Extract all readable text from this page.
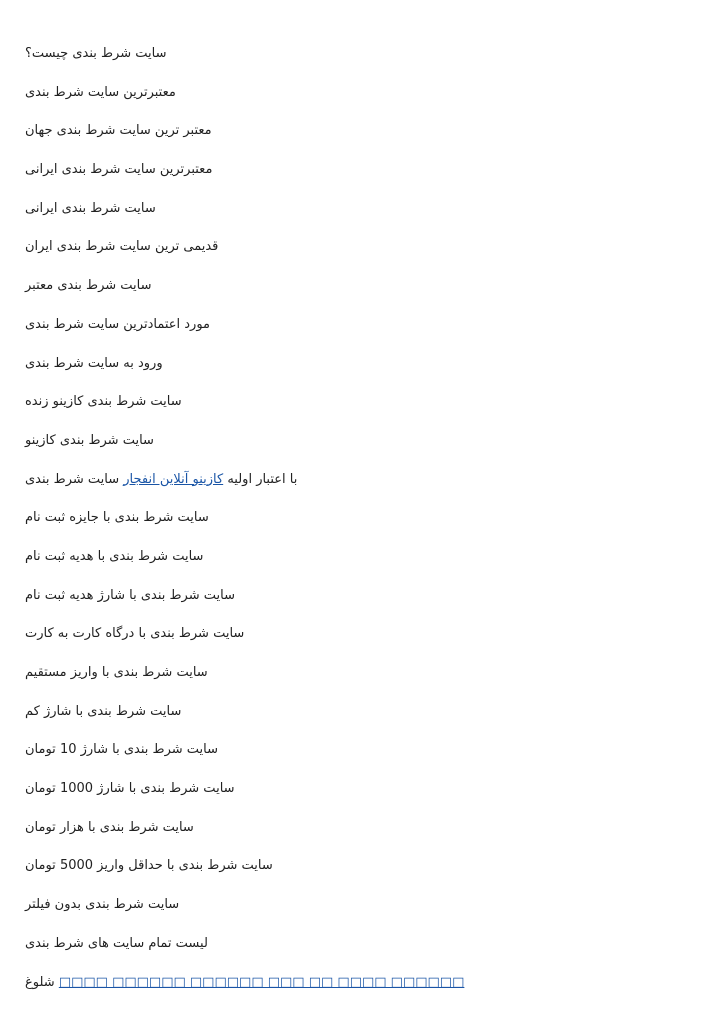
سایت شرط بندی چیست؟
معتبرترین سایت شرط بندی
معتبر ترین سایت شرط بندی جهان
معتبرترین سایت شرط بندی ایرانی
سایت شرط بندی ایرانی
قدیمی ترین سایت شرط بندی ایران
سایت شرط بندی معتبر
مورد اعتمادترین سایت شرط بندی
ورود به سایت شرط بندی
سایت شرط بندی کازینو زنده
سایت شرط بندی کازینو
سایت شرط بندی کازینو آنلاین انفجار با اعتبار اولیه
سایت شرط بندی با جایزه ثبت نام
سایت شرط بندی با هدیه ثبت نام
سایت شرط بندی با شارژ هدیه ثبت نام
سایت شرط بندی با درگاه کارت به کارت
سایت شرط بندی با واریز مستقیم
سایت شرط بندی با شارژ کم
سایت شرط بندی با شارژ 10 تومان
سایت شرط بندی با شارژ 1000 تومان
سایت شرط بندی با هزار تومان
سایت شرط بندی با حداقل واریز 5000 تومان
سایت شرط بندی بدون فیلتر
لیست تمام سایت های شرط بندی
شلوغ □□□□ □□□□□□ □□□□□□ □□□ □□ □□□□ □□□□□□
